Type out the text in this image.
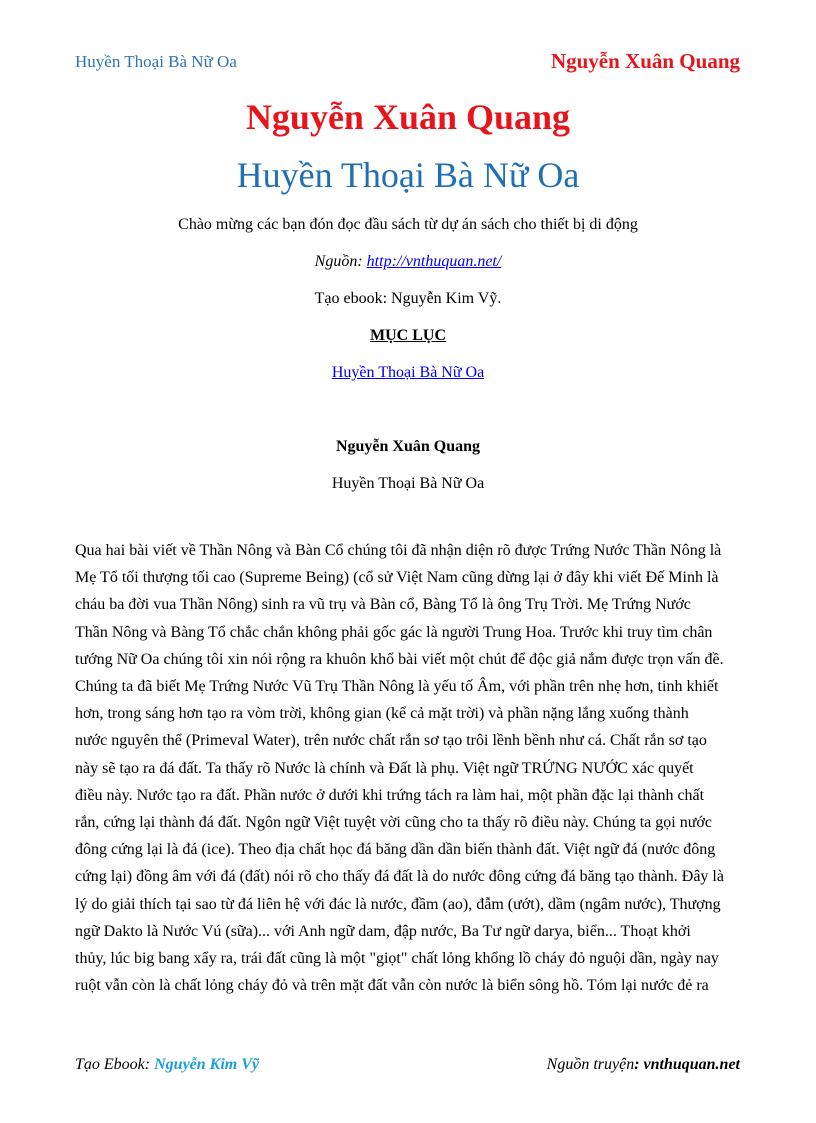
Huyền Thoại Bà Nữ Oa	Nguyễn Xuân Quang
Nguyễn Xuân Quang
Huyền Thoại Bà Nữ Oa
Chào mừng các bạn đón đọc đầu sách từ dự án sách cho thiết bị di động
Nguồn: http://vnthuquan.net/
Tạo ebook: Nguyễn Kim Vỹ.
MỤC LỤC
Huyền Thoại Bà Nữ Oa
Nguyễn Xuân Quang
Huyền Thoại Bà Nữ Oa

Qua hai bài viết về Thần Nông và Bàn Cổ chúng tôi đã nhận diện rõ được Trứng Nước Thần Nông là
Mẹ Tổ tối thượng tối cao (Supreme Being) (cổ sử Việt Nam cũng dừng lại ở đây khi viết Đế Minh là
cháu ba đời vua Thần Nông) sinh ra vũ trụ và Bàn cổ, Bàng Tổ là ông Trụ Trời. Mẹ Trứng Nước
Thần Nông và Bàng Tổ chắc chắn không phải gốc gác là người Trung Hoa. Trước khi truy tìm chân
tướng Nữ Oa chúng tôi xin nói rộng ra khuôn khổ bài viết một chút để độc giả nắm được trọn vấn đề.
Chúng ta đã biết Mẹ Trứng Nước Vũ Trụ Thần Nông là yếu tố Âm, với phần trên nhẹ hơn, tinh khiết
hơn, trong sáng hơn tạo ra vòm trời, không gian (kể cả mặt trời) và phần nặng lắng xuống thành
nước nguyên thể (Primeval Water), trên nước chất rắn sơ tạo trôi lềnh bềnh như cá. Chất rắn sơ tạo
này sẽ tạo ra đá đất. Ta thấy rõ Nước là chính và Đất là phụ. Việt ngữ TRỨNG NƯỚC xác quyết
điều này. Nước tạo ra đất. Phần nước ở dưới khi trứng tách ra làm hai, một phần đặc lại thành chất
rắn, cứng lại thành đá đất. Ngôn ngữ Việt tuyệt vời cũng cho ta thấy rõ điều này. Chúng ta gọi nước
đông cứng lại là đá (ice). Theo địa chất học đá băng dần dần biến thành đất. Việt ngữ đá (nước đông
cứng lại) đồng âm với đá (đất) nói rõ cho thấy đá đất là do nước đông cứng đá băng tạo thành. Đây là
lý do giải thích tại sao từ đá liên hệ với đác là nước, đầm (ao), đẫm (ướt), dầm (ngâm nước), Thượng
ngữ Dakto là Nước Vú (sữa)... với Anh ngữ dam, đập nước, Ba Tư ngữ darya, biển... Thoạt khởi
thủy, lúc big bang xẩy ra, trái đất cũng là một "giọt" chất lỏng khổng lồ cháy đỏ nguội dần, ngày nay
ruột vẫn còn là chất lỏng cháy đỏ và trên mặt đất vẫn còn nước là biển sông hồ. Tóm lại nước đẻ ra

Tạo Ebook: Nguyễn Kim Vỹ	Nguồn truyện: vnthuquan.net
